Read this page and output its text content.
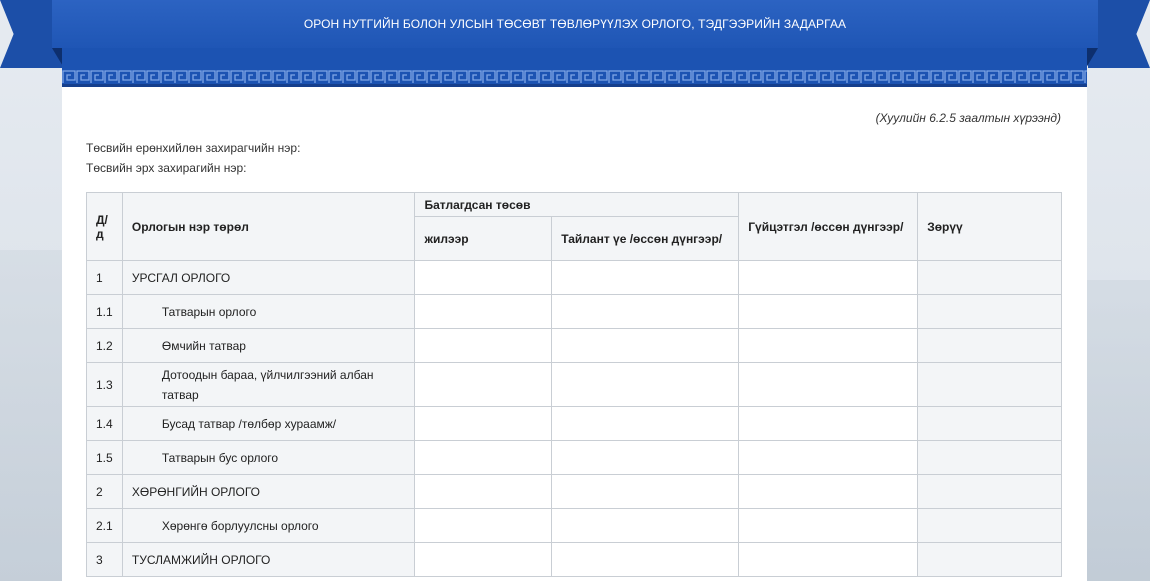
ОРОН НУТГИЙН БОЛОН УЛСЫН ТӨСӨВТ ТӨВЛӨРҮҮЛЭХ ОРЛОГО, ТЭДГЭЭРИЙН ЗАДАРГАА
(Хуулийн 6.2.5 заалтын хүрээнд)
Төсвийн ерөнхийлөн захирагчийн нэр:
Төсвийн эрх захирагийн нэр:
Д/д	Орлогын нэр төрөл	Батлагдсан төсөв		Гүйцэтгэл /өссөн дүнгээр/	Зөрүү
		жилээр	Тайлант үе /өссөн дүнгээр/		
1	УРСГАЛ ОРЛОГО				
1.1	Татварын орлого				

1.2	Өмчийн татвар				

1.3	Дотоодын бараа, үйлчилгээний албан татвар				

1.4	Бусад татвар /төлбөр хураамж/				

1.5	Татварын бус орлого				

2	ХӨРӨНГИЙН ОРЛОГО				
2.1	Хөрөнгө борлуулсны орлого				

3	ТУСЛАМЖИЙН ОРЛОГО				
